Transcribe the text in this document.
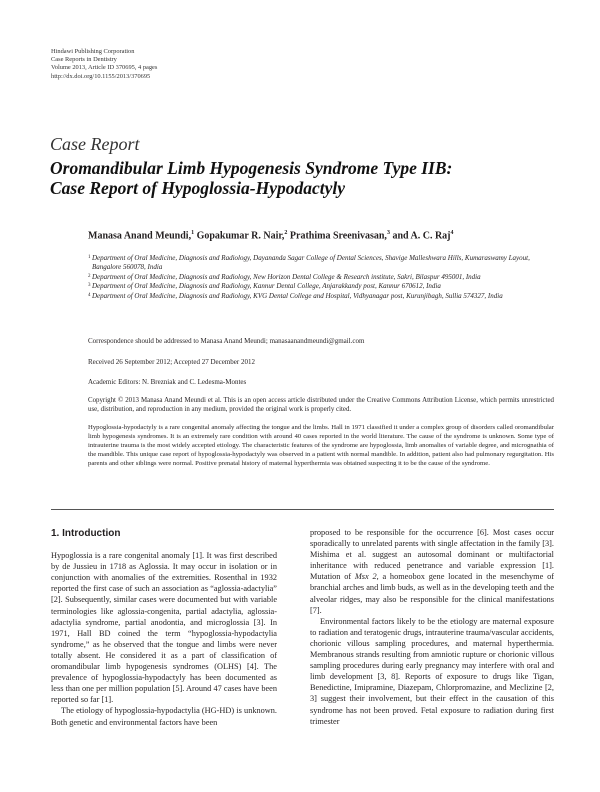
Hindawi Publishing Corporation
Case Reports in Dentistry
Volume 2013, Article ID 370695, 4 pages
http://dx.doi.org/10.1155/2013/370695
Case Report
Oromandibular Limb Hypogenesis Syndrome Type IIB:
Case Report of Hypoglossia-Hypodactyly
Manasa Anand Meundi,$^1$ Gopakumar R. Nair,$^2$ Prathima Sreenivasan,$^3$ and A. C. Raj$^4$
1 Department of Oral Medicine, Diagnosis and Radiology, Dayananda Sagar College of Dental Sciences, Shavige Malleshwara Hills, Kumaraswamy Layout, Bangalore 560078, India
2 Department of Oral Medicine, Diagnosis and Radiology, New Horizon Dental College & Research institute, Sakri, Bilaspur 495001, India
3 Department of Oral Medicine, Diagnosis and Radiology, Kannur Dental College, Anjarakkandy post, Kannur 670612, India
4 Department of Oral Medicine, Diagnosis and Radiology, KVG Dental College and Hospital, Vidhyanagar post, Kurunjibagh, Sullia 574327, India
Correspondence should be addressed to Manasa Anand Meundi; manasaanandmeundi@gmail.com
Received 26 September 2012; Accepted 27 December 2012
Academic Editors: N. Brezniak and C. Ledesma-Montes
Copyright © 2013 Manasa Anand Meundi et al. This is an open access article distributed under the Creative Commons Attribution License, which permits unrestricted use, distribution, and reproduction in any medium, provided the original work is properly cited.
Hypoglossia-hypodactyly is a rare congenital anomaly affecting the tongue and the limbs. Hall in 1971 classified it under a complex group of disorders called oromandibular limb hypogenesis syndromes. It is an extremely rare condition with around 40 cases reported in the world literature. The cause of the syndrome is unknown. Some type of intrauterine trauma is the most widely accepted etiology. The characteristic features of the syndrome are hypoglossia, limb anomalies of variable degree, and micrognathia of the mandible. This unique case report of hypoglossia-hypodactyly was observed in a patient with normal mandible. In addition, patient also had pulmonary regurgitation. His parents and other siblings were normal. Positive prenatal history of maternal hyperthermia was obtained suspecting it to be the cause of the syndrome.
1. Introduction

Hypoglossia is a rare congenital anomaly [1]. It was first described by de Jussieu in 1718 as Aglossia. It may occur in isolation or in conjunction with anomalies of the extremities. Rosenthal in 1932 reported the first case of such an association as “aglossia-adactylia” [2]. Subsequently, similar cases were documented but with variable terminologies like aglossia-congenita, partial adactylia, aglossia-adactylia syndrome, partial anodontia, and microglossia [3]. In 1971, Hall BD coined the term “hypoglossia-hypodactylia syndrome,” as he observed that the tongue and limbs were never totally absent. He considered it as a part of classification of oromandibular limb hypogenesis syndromes (OLHS) [4]. The prevalence of hypoglossia-hypodactyly has been documented as less than one per million population [5]. Around 47 cases have been reported so far [1].

The etiology of hypoglossia-hypodactylia (HG-HD) is unknown. Both genetic and environmental factors have been

proposed to be responsible for the occurrence [6]. Most cases occur sporadically to unrelated parents with single affectation in the family [3]. Mishima et al. suggest an autosomal dominant or multifactorial inheritance with reduced penetrance and variable expression [1]. Mutation of Msx 2, a homeobox gene located in the mesenchyme of branchial arches and limb buds, as well as in the developing teeth and the alveolar ridges, may also be responsible for the clinical manifestations [7].

Environmental factors likely to be the etiology are maternal exposure to radiation and teratogenic drugs, intrauterine trauma/vascular accidents, chorionic villous sampling procedures, and maternal hyperthermia. Membranous strands resulting from amniotic rupture or chorionic villous sampling procedures during early pregnancy may interfere with oral and limb development [3, 8]. Reports of exposure to drugs like Tigan, Benedictine, Imipramine, Diazepam, Chlorpromazine, and Meclizine [2, 3] suggest their involvement, but their effect in the causation of this syndrome has not been proved. Fetal exposure to radiation during first trimester
